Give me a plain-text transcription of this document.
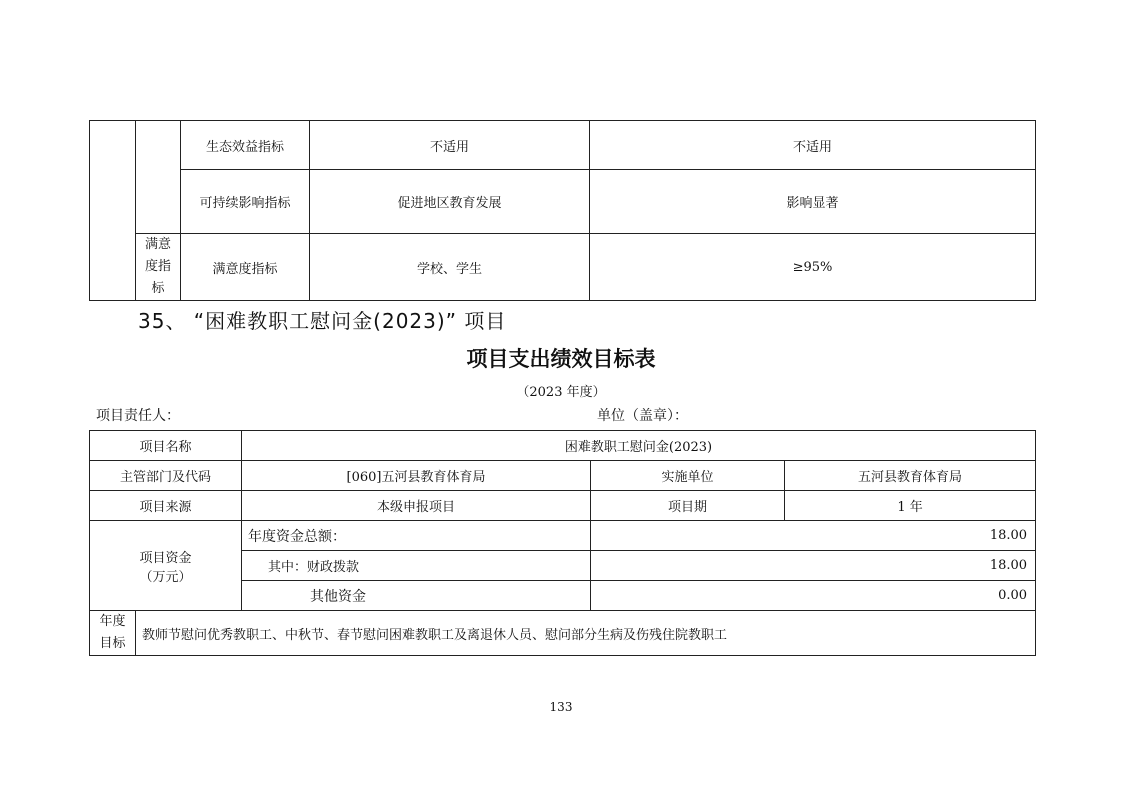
		生态效益指标	不适用	不适用
		可持续影响指标	促进地区教育发展	影响显著

	满意
度指
标	满意度指标	学校、学生	≥95%
35、 “困难教职工慰问金(2023)” 项目
项目支出绩效目标表
（2023 年度）
项目责任人：	单位（盖章）：
项目名称		困难教职工慰问金(2023)		
主管部门及代码		[060]五河县教育体育局	实施单位	五河县教育体育局
项目来源		本级申报项目	项目期	1 年

项目资金
（万元）		年度资金总额：	18.00	
		其中：财政拨款	18.00	
		其他资金	0.00	

年度
目标	教师节慰问优秀教职工、中秋节、春节慰问困难教职工及离退休人员、慰问部分生病及伤残住院教职工			
133
